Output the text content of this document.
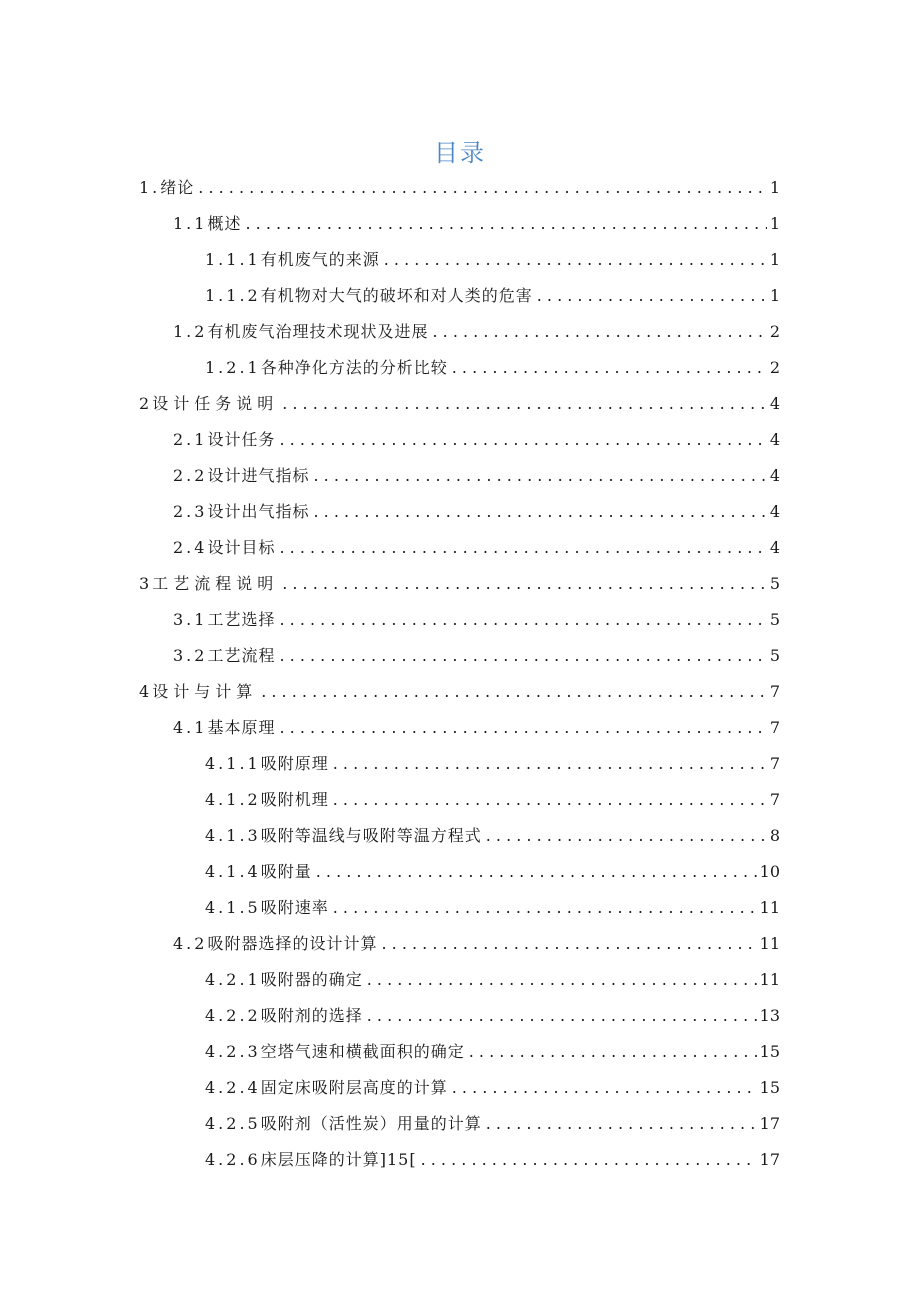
目录
1. 绪论 . . .	1
1.1 概述 . . .	1
1.1.1 有机废气的来源 . . .	1
1.1.2 有机物对大气的破坏和对人类的危害 . . .	1
1.2 有机废气治理技术现状及进展 . . .	2
1.2.1 各种净化方法的分析比较 . . .	2
2 设计任务说明 . . .	4
2.1 设计任务 . . .	4
2.2 设计进气指标 . . .	4
2.3 设计出气指标 . . .	4
2.4 设计目标 . . .	4
3 工艺流程说明 . . .	5
3.1 工艺选择 . . .	5
3.2 工艺流程 . . .	5
4 设计与计算 . . .	7
4.1 基本原理 . . .	7
4.1.1 吸附原理 . . .	7
4.1.2 吸附机理 . . .	7
4.1.3 吸附等温线与吸附等温方程式 . . .	8
4.1.4 吸附量 . . .	10
4.1.5 吸附速率 . . .	11
4.2 吸附器选择的设计计算 . . .	11
4.2.1 吸附器的确定 . . .	11
4.2.2 吸附剂的选择 . . .	13
4.2.3 空塔气速和横截面积的确定 . . .	15
4.2.4 固定床吸附层高度的计算 . . .	15
4.2.5 吸附剂（活性炭）用量的计算 . . .	17
4.2.6 床层压降的计算]15[ . . .	17
